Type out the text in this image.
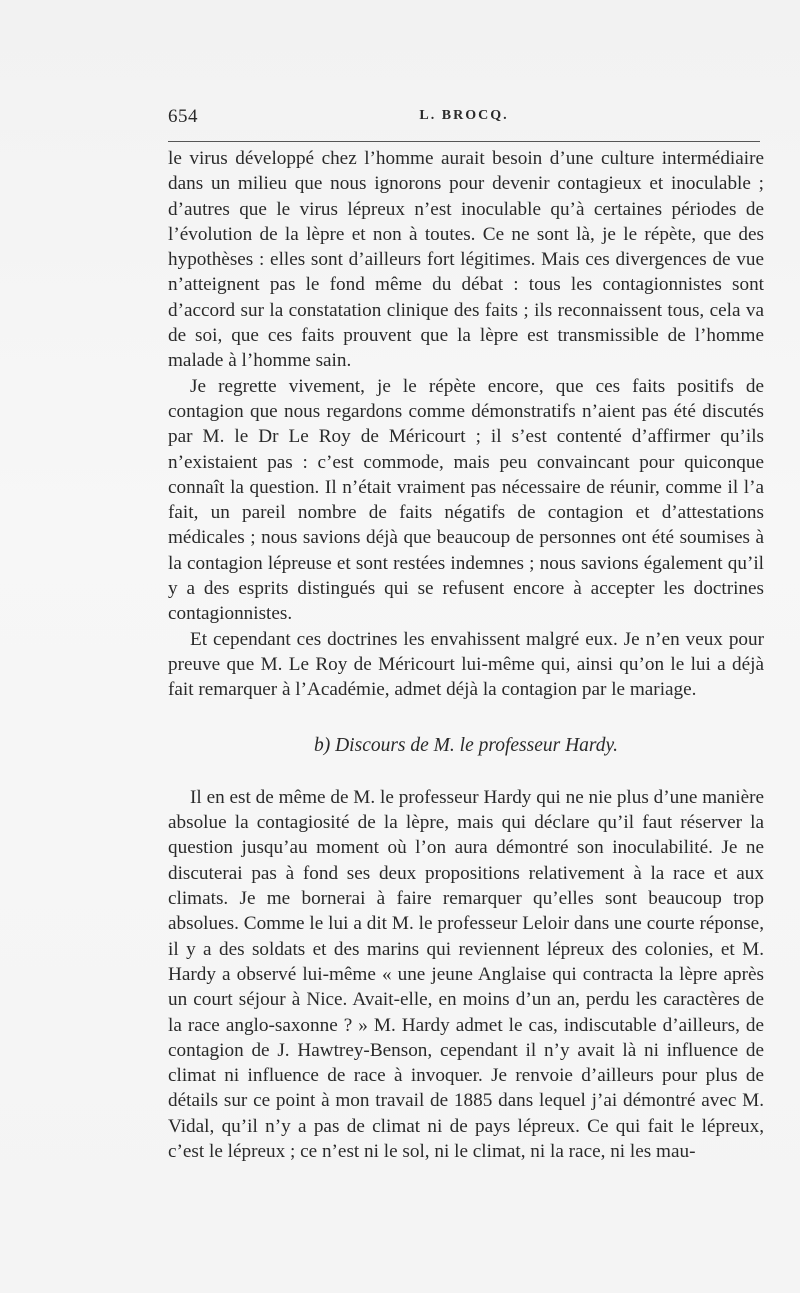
654	L. BROCQ.

le virus développé chez l’homme aurait besoin d’une culture intermédiaire dans un milieu que nous ignorons pour devenir contagieux et inoculable ; d’autres que le virus lépreux n’est inoculable qu’à certaines périodes de l’évolution de la lèpre et non à toutes. Ce ne sont là, je le répète, que des hypothèses : elles sont d’ailleurs fort légitimes. Mais ces divergences de vue n’atteignent pas le fond même du débat : tous les contagionnistes sont d’accord sur la constatation clinique des faits ; ils reconnaissent tous, cela va de soi, que ces faits prouvent que la lèpre est transmissible de l’homme malade à l’homme sain.

Je regrette vivement, je le répète encore, que ces faits positifs de contagion que nous regardons comme démonstratifs n’aient pas été discutés par M. le Dr Le Roy de Méricourt ; il s’est contenté d’affirmer qu’ils n’existaient pas : c’est commode, mais peu convaincant pour quiconque connaît la question. Il n’était vraiment pas nécessaire de réunir, comme il l’a fait, un pareil nombre de faits négatifs de contagion et d’attestations médicales ; nous savions déjà que beaucoup de personnes ont été soumises à la contagion lépreuse et sont restées indemnes ; nous savions également qu’il y a des esprits distingués qui se refusent encore à accepter les doctrines contagionnistes.

Et cependant ces doctrines les envahissent malgré eux. Je n’en veux pour preuve que M. Le Roy de Méricourt lui-même qui, ainsi qu’on le lui a déjà fait remarquer à l’Académie, admet déjà la contagion par le mariage.

b) Discours de M. le professeur Hardy.

Il en est de même de M. le professeur Hardy qui ne nie plus d’une manière absolue la contagiosité de la lèpre, mais qui déclare qu’il faut réserver la question jusqu’au moment où l’on aura démontré son inoculabilité. Je ne discuterai pas à fond ses deux propositions relativement à la race et aux climats. Je me bornerai à faire remarquer qu’elles sont beaucoup trop absolues. Comme le lui a dit M. le professeur Leloir dans une courte réponse, il y a des soldats et des marins qui reviennent lépreux des colonies, et M. Hardy a observé lui-même « une jeune Anglaise qui contracta la lèpre après un court séjour à Nice. Avait-elle, en moins d’un an, perdu les caractères de la race anglo-saxonne ? » M. Hardy admet le cas, indiscutable d’ailleurs, de contagion de J. Hawtrey-Benson, cependant il n’y avait là ni influence de climat ni influence de race à invoquer. Je renvoie d’ailleurs pour plus de détails sur ce point à mon travail de 1885 dans lequel j’ai démontré avec M. Vidal, qu’il n’y a pas de climat ni de pays lépreux. Ce qui fait le lépreux, c’est le lépreux ; ce n’est ni le sol, ni le climat, ni la race, ni les mau-
